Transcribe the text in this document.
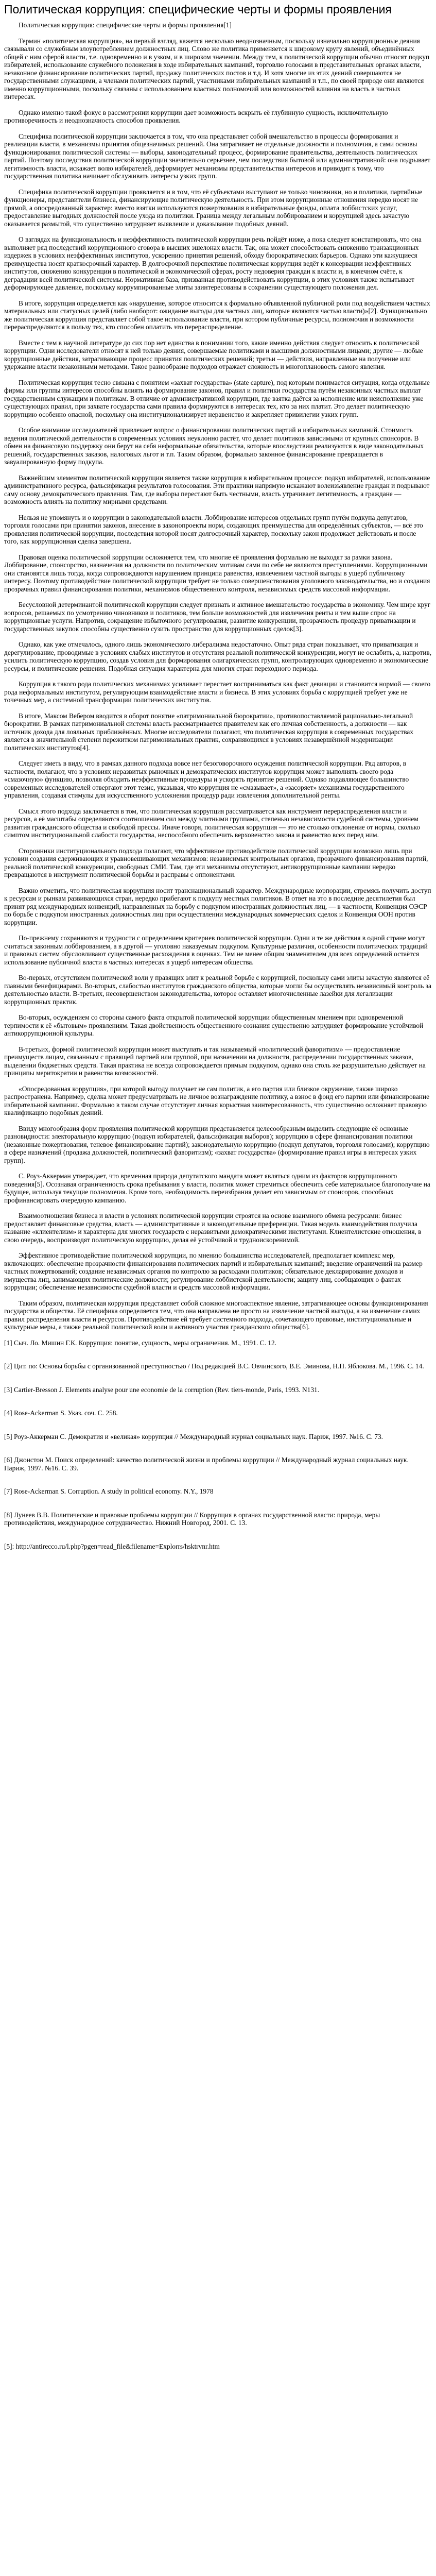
Политическая коррупция: специфические черты и формы проявления

Политическая коррупция: специфические черты и формы проявления[1]

Термин «политическая коррупция», на первый взгляд, кажется несколько неоднозначным, поскольку изначально коррупционные деяния связывали со служебным злоупотреблением должностных лиц. Слово же политика применяется к широкому кругу явлений, объединённых общей с ним сферой власти, т.е. одновременно и в узком, и в широком значении. Между тем, к политической коррупции обычно относят подкуп избирателей, использование служебного положения в ходе избирательных кампаний, торговлю голосами в представительных органах власти, незаконное финансирование политических партий, продажу политических постов и т.д. И хотя многие из этих деяний совершаются не государственными служащими, а членами политических партий, участниками избирательных кампаний и т.п., по своей природе они являются именно коррупционными, поскольку связаны с использованием властных полномочий или возможностей влияния на власть в частных интересах.

Однако именно такой фокус в рассмотрении коррупции дает возможность вскрыть её глубинную сущность, исключительную противоречивость и неоднозначность способов проявления.

Специфика политической коррупции заключается в том, что она представляет собой вмешательство в процессы формирования и реализации власти, в механизмы принятия общезначимых решений. Она затрагивает не отдельные должности и полномочия, а сами основы функционирования политической системы — выборы, законодательный процесс, формирование правительства, деятельность политических партий. Поэтому последствия политической коррупции значительно серьёзнее, чем последствия бытовой или административной: она подрывает легитимность власти, искажает волю избирателей, деформирует механизмы представительства интересов и приводит к тому, что государственная политика начинает обслуживать интересы узких групп.

Специфика политической коррупции проявляется и в том, что её субъектами выступают не только чиновники, но и политики, партийные функционеры, представители бизнеса, финансирующие политическую деятельность. При этом коррупционные отношения нередко носят не прямой, а опосредованный характер: вместо взятки используются пожертвования в избирательные фонды, оплата лоббистских услуг, предоставление выгодных должностей после ухода из политики. Граница между легальным лоббированием и коррупцией здесь зачастую оказывается размытой, что существенно затрудняет выявление и доказывание подобных деяний.

О взглядах на функциональность и неэффективность политической коррупции речь пойдёт ниже, а пока следует констатировать, что она выполняет ряд последствий коррупционного сговора в высших эшелонах власти. Так, она может способствовать снижению транзакционных издержек в условиях неэффективных институтов, ускорению принятия решений, обходу бюрократических барьеров. Однако эти кажущиеся преимущества носят краткосрочный характер. В долгосрочной перспективе политическая коррупция ведёт к консервации неэффективных институтов, снижению конкуренции в политической и экономической сферах, росту недоверия граждан к власти и, в конечном счёте, к деградации всей политической системы. Нормативная база, призванная противодействовать коррупции, в этих условиях также испытывает деформирующее давление, поскольку коррумпированные элиты заинтересованы в сохранении существующего положения дел.

В итоге, коррупция определяется как «нарушение, которое относится к формально объявленной публичной роли под воздействием частных материальных или статусных целей (либо наоборот: ожидание выгоды для частных лиц, которые являются частью власти)»[2]. Функционально же политическая коррупция представляет собой такое использование власти, при котором публичные ресурсы, полномочия и возможности перераспределяются в пользу тех, кто способен оплатить это перераспределение.

Вместе с тем в научной литературе до сих пор нет единства в понимании того, какие именно действия следует относить к политической коррупции. Одни исследователи относят к ней только деяния, совершаемые политиками и высшими должностными лицами; другие — любые коррупционные действия, затрагивающие процесс принятия политических решений; третьи — действия, направленные на получение или удержание власти незаконными методами. Такое разнообразие подходов отражает сложность и многоплановость самого явления.

Политическая коррупция тесно связана с понятием «захват государства» (state capture), под которым понимается ситуация, когда отдельные фирмы или группы интересов способны влиять на формирование законов, правил и политики государства путём незаконных частных выплат государственным служащим и политикам. В отличие от административной коррупции, где взятка даётся за исполнение или неисполнение уже существующих правил, при захвате государства сами правила формируются в интересах тех, кто за них платит. Это делает политическую коррупцию особенно опасной, поскольку она институционализирует неравенство и закрепляет привилегии узких групп.

Особое внимание исследователей привлекает вопрос о финансировании политических партий и избирательных кампаний. Стоимость ведения политической деятельности в современных условиях неуклонно растёт, что делает политиков зависимыми от крупных спонсоров. В обмен на финансовую поддержку они берут на себя неформальные обязательства, которые впоследствии реализуются в виде законодательных решений, государственных заказов, налоговых льгот и т.п. Таким образом, формально законное финансирование превращается в завуалированную форму подкупа.

Важнейшим элементом политической коррупции является также коррупция в избирательном процессе: подкуп избирателей, использование административного ресурса, фальсификация результатов голосования. Эти практики напрямую искажают волеизъявление граждан и подрывают саму основу демократического правления. Там, где выборы перестают быть честными, власть утрачивает легитимность, а граждане — возможность влиять на политику мирными средствами.

Нельзя не упомянуть и о коррупции в законодательной власти. Лоббирование интересов отдельных групп путём подкупа депутатов, торговля голосами при принятии законов, внесение в законопроекты норм, создающих преимущества для определённых субъектов, — всё это проявления политической коррупции, последствия которой носят долгосрочный характер, поскольку закон продолжает действовать и после того, как коррупционная сделка завершена.

Правовая оценка политической коррупции осложняется тем, что многие её проявления формально не выходят за рамки закона. Лоббирование, спонсорство, назначения на должности по политическим мотивам сами по себе не являются преступлениями. Коррупционными они становятся лишь тогда, когда сопровождаются нарушением принципа равенства, извлечением частной выгоды в ущерб публичному интересу. Поэтому противодействие политической коррупции требует не только совершенствования уголовного законодательства, но и создания прозрачных правил финансирования политики, механизмов общественного контроля, независимых средств массовой информации.

Бесусловной детерминантой политической коррупции следует признать и активное вмешательство государства в экономику. Чем шире круг вопросов, решаемых по усмотрению чиновников и политиков, тем больше возможностей для извлечения ренты и тем выше спрос на коррупционные услуги. Напротив, сокращение избыточного регулирования, развитие конкуренции, прозрачность процедур приватизации и государственных закупок способны существенно сузить пространство для коррупционных сделок[3].

Однако, как уже отмечалось, одного лишь экономического либерализма недостаточно. Опыт ряда стран показывает, что приватизация и дерегулирование, проводимые в условиях слабых институтов и отсутствия реальной политической конкуренции, могут не ослабить, а, напротив, усилить политическую коррупцию, создав условия для формирования олигархических групп, контролирующих одновременно и экономические ресурсы, и политические решения. Подобная ситуация характерна для многих стран переходного периода.

Коррупция в такого рода политических механизмах усиливает перестает восприниматься как факт девиации и становится нормой — своего рода неформальным институтом, регулирующим взаимодействие власти и бизнеса. В этих условиях борьба с коррупцией требует уже не точечных мер, а системной трансформации политических институтов.

В итоге, Максом Вебером вводится в оборот понятие «патримониальной бюрократии», противопоставляемой рационально-легальной бюрократии. В рамках патримониальной системы власть рассматривается правителем как его личная собственность, а должности — как источник дохода для лояльных приближённых. Многие исследователи полагают, что политическая коррупция в современных государствах является в значительной степени пережитком патримониальных практик, сохраняющихся в условиях незавершённой модернизации политических институтов[4].

Следует иметь в виду, что в рамках данного подхода вовсе нет безоговорочного осуждения политической коррупции. Ряд авторов, в частности, полагают, что в условиях неразвитых рыночных и демократических институтов коррупция может выполнять своего рода «смазочную» функцию, позволяя обходить неэффективные процедуры и ускорять принятие решений. Однако подавляющее большинство современных исследователей отвергают этот тезис, указывая, что коррупция не «смазывает», а «засоряет» механизмы государственного управления, создавая стимулы для искусственного усложнения процедур ради извлечения дополнительной ренты.

Смысл этого подхода заключается в том, что политическая коррупция рассматривается как инструмент перераспределения власти и ресурсов, а её масштабы определяются соотношением сил между элитными группами, степенью независимости судебной системы, уровнем развития гражданского общества и свободой прессы. Иначе говоря, политическая коррупция — это не столько отклонение от нормы, сколько симптом институциональной слабости государства, неспособного обеспечить верховенство закона и равенство всех перед ним.

Сторонники институционального подхода полагают, что эффективное противодействие политической коррупции возможно лишь при условии создания сдерживающих и уравновешивающих механизмов: независимых контрольных органов, прозрачного финансирования партий, реальной политической конкуренции, свободных СМИ. Там, где эти механизмы отсутствуют, антикоррупционные кампании нередко превращаются в инструмент политической борьбы и расправы с оппонентами.

Важно отметить, что политическая коррупция носит транснациональный характер. Международные корпорации, стремясь получить доступ к ресурсам и рынкам развивающихся стран, нередко прибегают к подкупу местных политиков. В ответ на это в последние десятилетия был принят ряд международных конвенций, направленных на борьбу с подкупом иностранных должностных лиц, — в частности, Конвенция ОЭСР по борьбе с подкупом иностранных должностных лиц при осуществлении международных коммерческих сделок и Конвенция ООН против коррупции.

По-прежнему сохраняются и трудности с определением критериев политической коррупции. Одни и те же действия в одной стране могут считаться законным лоббированием, а в другой — уголовно наказуемым подкупом. Культурные различия, особенности политических традиций и правовых систем обусловливают существенные расхождения в оценках. Тем не менее общим знаменателем для всех определений остаётся использование публичной власти в частных интересах в ущерб интересам общества.

Во-первых, отсутствием политической воли у правящих элит к реальной борьбе с коррупцией, поскольку сами элиты зачастую являются её главными бенефициарами. Во-вторых, слабостью институтов гражданского общества, которые могли бы осуществлять независимый контроль за деятельностью власти. В-третьих, несовершенством законодательства, которое оставляет многочисленные лазейки для легализации коррупционных практик.

Во-вторых, осуждением со стороны самого факта открытой политической коррупции общественным мнением при одновременной терпимости к её «бытовым» проявлениям. Такая двойственность общественного сознания существенно затрудняет формирование устойчивой антикоррупционной культуры.

В-третьих, формой политической коррупции может выступать и так называемый «политический фаворитизм» — предоставление преимуществ лицам, связанным с правящей партией или группой, при назначении на должности, распределении государственных заказов, выделении бюджетных средств. Такая практика не всегда сопровождается прямым подкупом, однако она столь же разрушительно действует на принципы меритократии и равенства возможностей.

«Опосредованная коррупция», при которой выгоду получает не сам политик, а его партия или близкое окружение, также широко распространена. Например, сделка может предусматривать не личное вознаграждение политику, а взнос в фонд его партии или финансирование избирательной кампании. Формально в таком случае отсутствует личная корыстная заинтересованность, что существенно осложняет правовую квалификацию подобных деяний.

Ввиду многообразия форм проявления политической коррупции представляется целесообразным выделить следующие её основные разновидности: электоральную коррупцию (подкуп избирателей, фальсификация выборов); коррупцию в сфере финансирования политики (незаконные пожертвования, теневое финансирование партий); законодательную коррупцию (подкуп депутатов, торговля голосами); коррупцию в сфере назначений (продажа должностей, политический фаворитизм); «захват государства» (формирование правил игры в интересах узких групп).

С. Роуз-Аккерман утверждает, что временная природа депутатского мандата может являться одним из факторов коррупционного поведения[5]. Осознавая ограниченность срока пребывания у власти, политик может стремиться обеспечить себе материальное благополучие на будущее, используя текущие полномочия. Кроме того, необходимость переизбрания делает его зависимым от спонсоров, способных профинансировать очередную кампанию.

Взаимоотношения бизнеса и власти в условиях политической коррупции строятся на основе взаимного обмена ресурсами: бизнес предоставляет финансовые средства, власть — административные и законодательные преференции. Такая модель взаимодействия получила название «клиентелизм» и характерна для многих государств с неразвитыми демократическими институтами. Клиентелистские отношения, в свою очередь, воспроизводят политическую коррупцию, делая её устойчивой и трудноискоренимой.

Эффективное противодействие политической коррупции, по мнению большинства исследователей, предполагает комплекс мер, включающих: обеспечение прозрачности финансирования политических партий и избирательных кампаний; введение ограничений на размер частных пожертвований; создание независимых органов по контролю за расходами политиков; обязательное декларирование доходов и имущества лиц, занимающих политические должности; регулирование лоббистской деятельности; защиту лиц, сообщающих о фактах коррупции; обеспечение независимости судебной власти и средств массовой информации.

Таким образом, политическая коррупция представляет собой сложное многоаспектное явление, затрагивающее основы функционирования государства и общества. Её специфика определяется тем, что она направлена не просто на извлечение частной выгоды, а на изменение самих правил распределения власти и ресурсов. Противодействие ей требует системного подхода, сочетающего правовые, институциональные и культурные меры, а также реальной политической воли и активного участия гражданского общества[6].

[1] Сыч. Ло. Мишин Г.К. Коррупция: понятие, сущность, меры ограничения. М., 1991. С. 12.

[2] Цит. по: Основы борьбы с организованной преступностью / Под редакцией В.С. Овчинского, В.Е. Эминова, Н.П. Яблокова. М., 1996. С. 14.

[3] Cartier-Bresson J. Elements analyse pour une economie de la corruption (Rev. tiers-monde, Paris, 1993. N131.

[4] Rose-Ackerman S. Указ. соч. С. 258.

[5] Роуз-Аккерман С. Демократия и «великая» коррупция // Международный журнал социальных наук. Париж, 1997. №16. С. 73.

[6] Джонстон М. Поиск определений: качество политической жизни и проблемы коррупции // Международный журнал социальных наук. Париж, 1997. №16. С. 39.

[7] Rose-Ackerman S. Corruption. A study in political economy. N.Y., 1978

[8] Лунеев В.В. Политические и правовые проблемы коррупции // Коррупция в органах государственной власти: природа, меры противодействия, международное сотрудничество. Нижний Новгород, 2001. С. 13.

[5]: http://antirecco.ru/l.php?pgen=read_file&filename=Explorrs/hsktrvnr.htm
